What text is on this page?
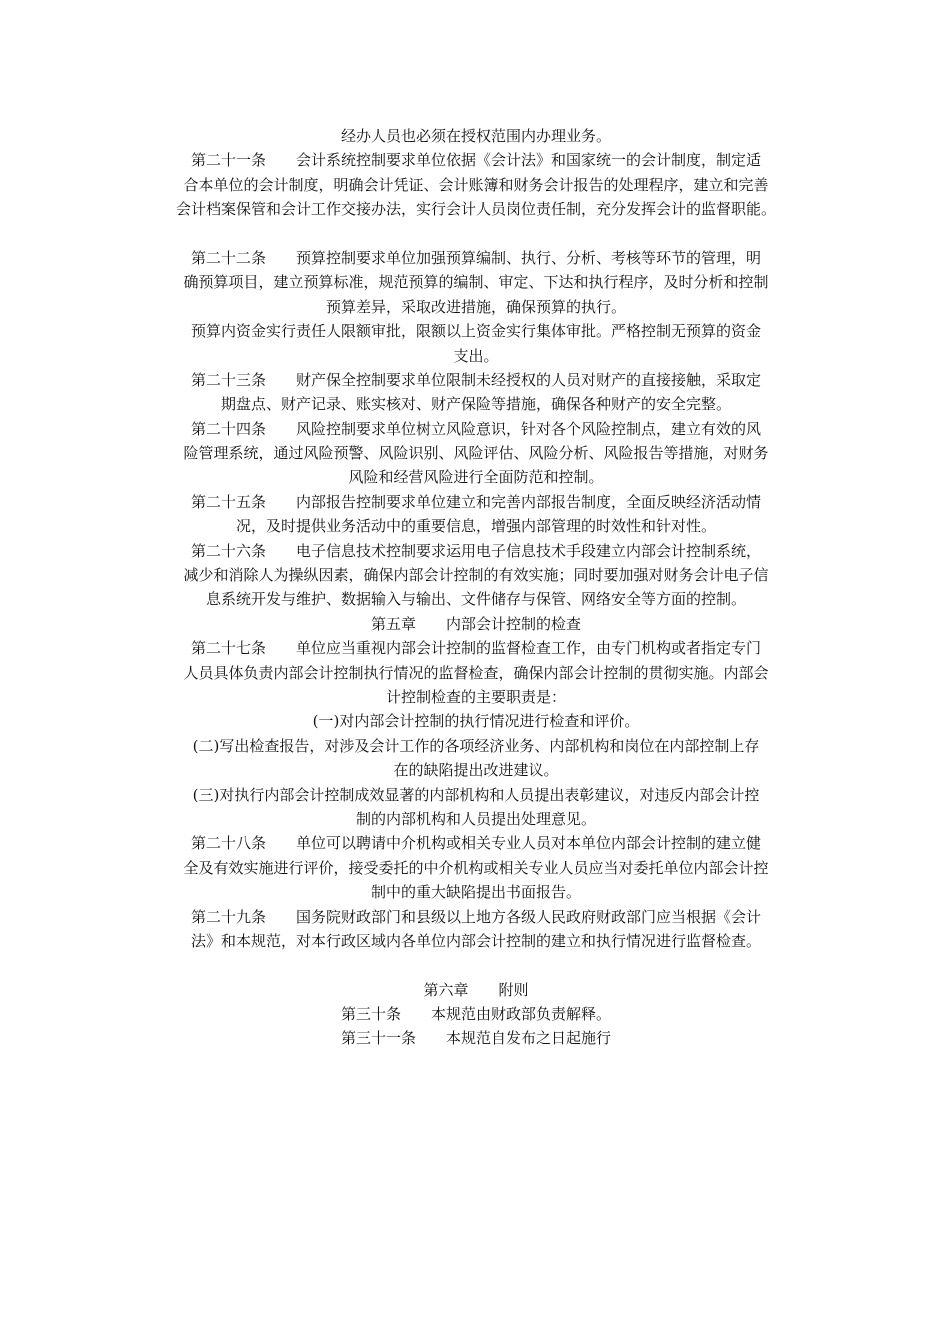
经办人员也必须在授权范围内办理业务。
第二十一条　　会计系统控制要求单位依据《会计法》和国家统一的会计制度，制定适
合本单位的会计制度，明确会计凭证、会计账簿和财务会计报告的处理程序，建立和完善
会计档案保管和会计工作交接办法，实行会计人员岗位责任制，充分发挥会计的监督职能。
第二十二条　　预算控制要求单位加强预算编制、执行、分析、考核等环节的管理，明
确预算项目，建立预算标准，规范预算的编制、审定、下达和执行程序，及时分析和控制
预算差异，采取改进措施，确保预算的执行。
预算内资金实行责任人限额审批，限额以上资金实行集体审批。严格控制无预算的资金
支出。
第二十三条　　财产保全控制要求单位限制未经授权的人员对财产的直接接触，采取定
期盘点、财产记录、账实核对、财产保险等措施，确保各种财产的安全完整。
第二十四条　　风险控制要求单位树立风险意识，针对各个风险控制点，建立有效的风
险管理系统，通过风险预警、风险识别、风险评估、风险分析、风险报告等措施，对财务
风险和经营风险进行全面防范和控制。
第二十五条　　内部报告控制要求单位建立和完善内部报告制度，全面反映经济活动情
况，及时提供业务活动中的重要信息，增强内部管理的时效性和针对性。
第二十六条　　电子信息技术控制要求运用电子信息技术手段建立内部会计控制系统，
减少和消除人为操纵因素，确保内部会计控制的有效实施；同时要加强对财务会计电子信
息系统开发与维护、数据输入与输出、文件储存与保管、网络安全等方面的控制。
第五章　　内部会计控制的检查
第二十七条　　单位应当重视内部会计控制的监督检查工作，由专门机构或者指定专门
人员具体负责内部会计控制执行情况的监督检查，确保内部会计控制的贯彻实施。内部会
计控制检查的主要职责是：
(一)对内部会计控制的执行情况进行检查和评价。
(二)写出检查报告，对涉及会计工作的各项经济业务、内部机构和岗位在内部控制上存
在的缺陷提出改进建议。
(三)对执行内部会计控制成效显著的内部机构和人员提出表彰建议，对违反内部会计控
制的内部机构和人员提出处理意见。
第二十八条　　单位可以聘请中介机构或相关专业人员对本单位内部会计控制的建立健
全及有效实施进行评价，接受委托的中介机构或相关专业人员应当对委托单位内部会计控
制中的重大缺陷提出书面报告。
第二十九条　　国务院财政部门和县级以上地方各级人民政府财政部门应当根据《会计
法》和本规范，对本行政区域内各单位内部会计控制的建立和执行情况进行监督检查。
第六章　　附则
第三十条　　本规范由财政部负责解释。
第三十一条　　本规范自发布之日起施行
